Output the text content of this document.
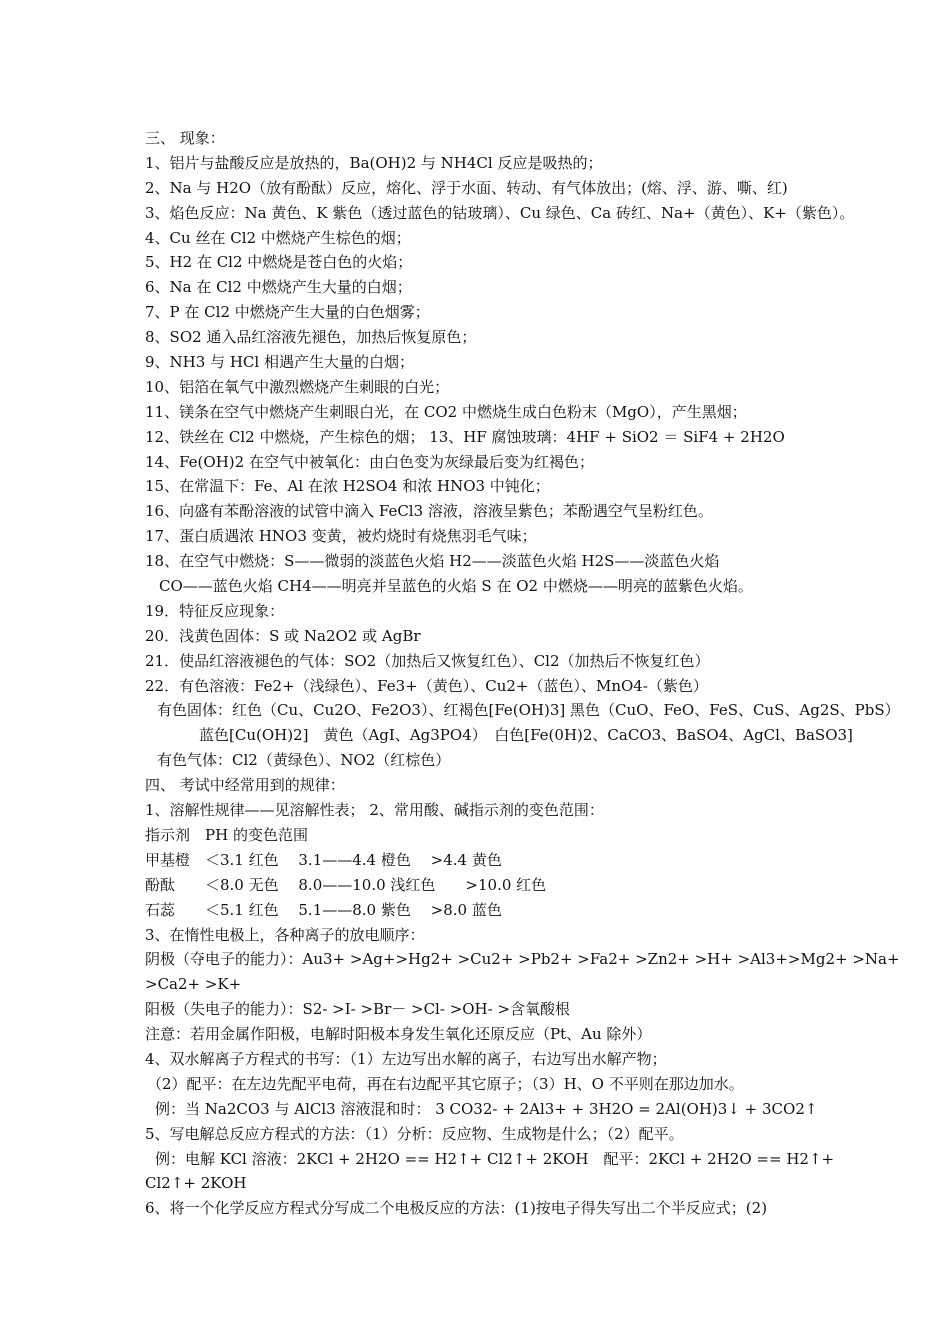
三、 现象：
1、铝片与盐酸反应是放热的，Ba(OH)2 与 NH4Cl 反应是吸热的；
2、Na 与 H2O（放有酚酞）反应，熔化、浮于水面、转动、有气体放出；(熔、浮、游、嘶、红)
3、焰色反应：Na 黄色、K 紫色（透过蓝色的钴玻璃）、Cu 绿色、Ca 砖红、Na+（黄色）、K+（紫色）。
4、Cu 丝在 Cl2 中燃烧产生棕色的烟；
5、H2 在 Cl2 中燃烧是苍白色的火焰；
6、Na 在 Cl2 中燃烧产生大量的白烟；
7、P 在 Cl2 中燃烧产生大量的白色烟雾；
8、SO2 通入品红溶液先褪色，加热后恢复原色；
9、NH3 与 HCl 相遇产生大量的白烟；
10、铝箔在氧气中激烈燃烧产生刺眼的白光；
11、镁条在空气中燃烧产生刺眼白光，在 CO2 中燃烧生成白色粉末（MgO），产生黑烟；
12、铁丝在 Cl2 中燃烧，产生棕色的烟； 13、HF 腐蚀玻璃：4HF + SiO2 ＝ SiF4 + 2H2O
14、Fe(OH)2 在空气中被氧化：由白色变为灰绿最后变为红褐色；
15、在常温下：Fe、Al 在浓 H2SO4 和浓 HNO3 中钝化；
16、向盛有苯酚溶液的试管中滴入 FeCl3 溶液，溶液呈紫色；苯酚遇空气呈粉红色。
17、蛋白质遇浓 HNO3 变黄，被灼烧时有烧焦羽毛气味；
18、在空气中燃烧：S——微弱的淡蓝色火焰 H2——淡蓝色火焰 H2S——淡蓝色火焰
CO——蓝色火焰 CH4——明亮并呈蓝色的火焰 S 在 O2 中燃烧——明亮的蓝紫色火焰。
19．特征反应现象：
20．浅黄色固体：S 或 Na2O2 或 AgBr
21．使品红溶液褪色的气体：SO2（加热后又恢复红色）、Cl2（加热后不恢复红色）
22．有色溶液：Fe2+（浅绿色）、Fe3+（黄色）、Cu2+（蓝色）、MnO4-（紫色）
有色固体：红色（Cu、Cu2O、Fe2O3）、红褐色[Fe(OH)3] 黑色（CuO、FeO、FeS、CuS、Ag2S、PbS）
蓝色[Cu(OH)2]　黄色（AgI、Ag3PO4）　白色[Fe(0H)2、CaCO3、BaSO4、AgCl、BaSO3]
有色气体：Cl2（黄绿色）、NO2（红棕色）
四、 考试中经常用到的规律：
1、溶解性规律——见溶解性表； 2、常用酸、碱指示剂的变色范围：
指示剂　PH 的变色范围
甲基橙　＜3.1 红色　 3.1——4.4 橙色　 >4.4 黄色
酚酞　　＜8.0 无色　 8.0——10.0 浅红色　　>10.0 红色
石蕊　　＜5.1 红色　 5.1——8.0 紫色　 >8.0 蓝色
3、在惰性电极上，各种离子的放电顺序：
阴极（夺电子的能力）：Au3+ >Ag+>Hg2+ >Cu2+ >Pb2+ >Fa2+ >Zn2+ >H+ >Al3+>Mg2+ >Na+
>Ca2+ >K+
阳极（失电子的能力）：S2- >I- >Br－ >Cl- >OH- >含氧酸根
注意：若用金属作阳极，电解时阳极本身发生氧化还原反应（Pt、Au 除外）
4、双水解离子方程式的书写：（1）左边写出水解的离子，右边写出水解产物；
（2）配平：在左边先配平电荷，再在右边配平其它原子；（3）H、O 不平则在那边加水。
例：当 Na2CO3 与 AlCl3 溶液混和时： 3 CO32- + 2Al3+ + 3H2O = 2Al(OH)3↓ + 3CO2↑
5、写电解总反应方程式的方法：（1）分析：反应物、生成物是什么；（2）配平。
例：电解 KCl 溶液：2KCl + 2H2O == H2↑+ Cl2↑+ 2KOH　配平：2KCl + 2H2O == H2↑+
Cl2↑+ 2KOH
6、将一个化学反应方程式分写成二个电极反应的方法：(1)按电子得失写出二个半反应式；(2)
